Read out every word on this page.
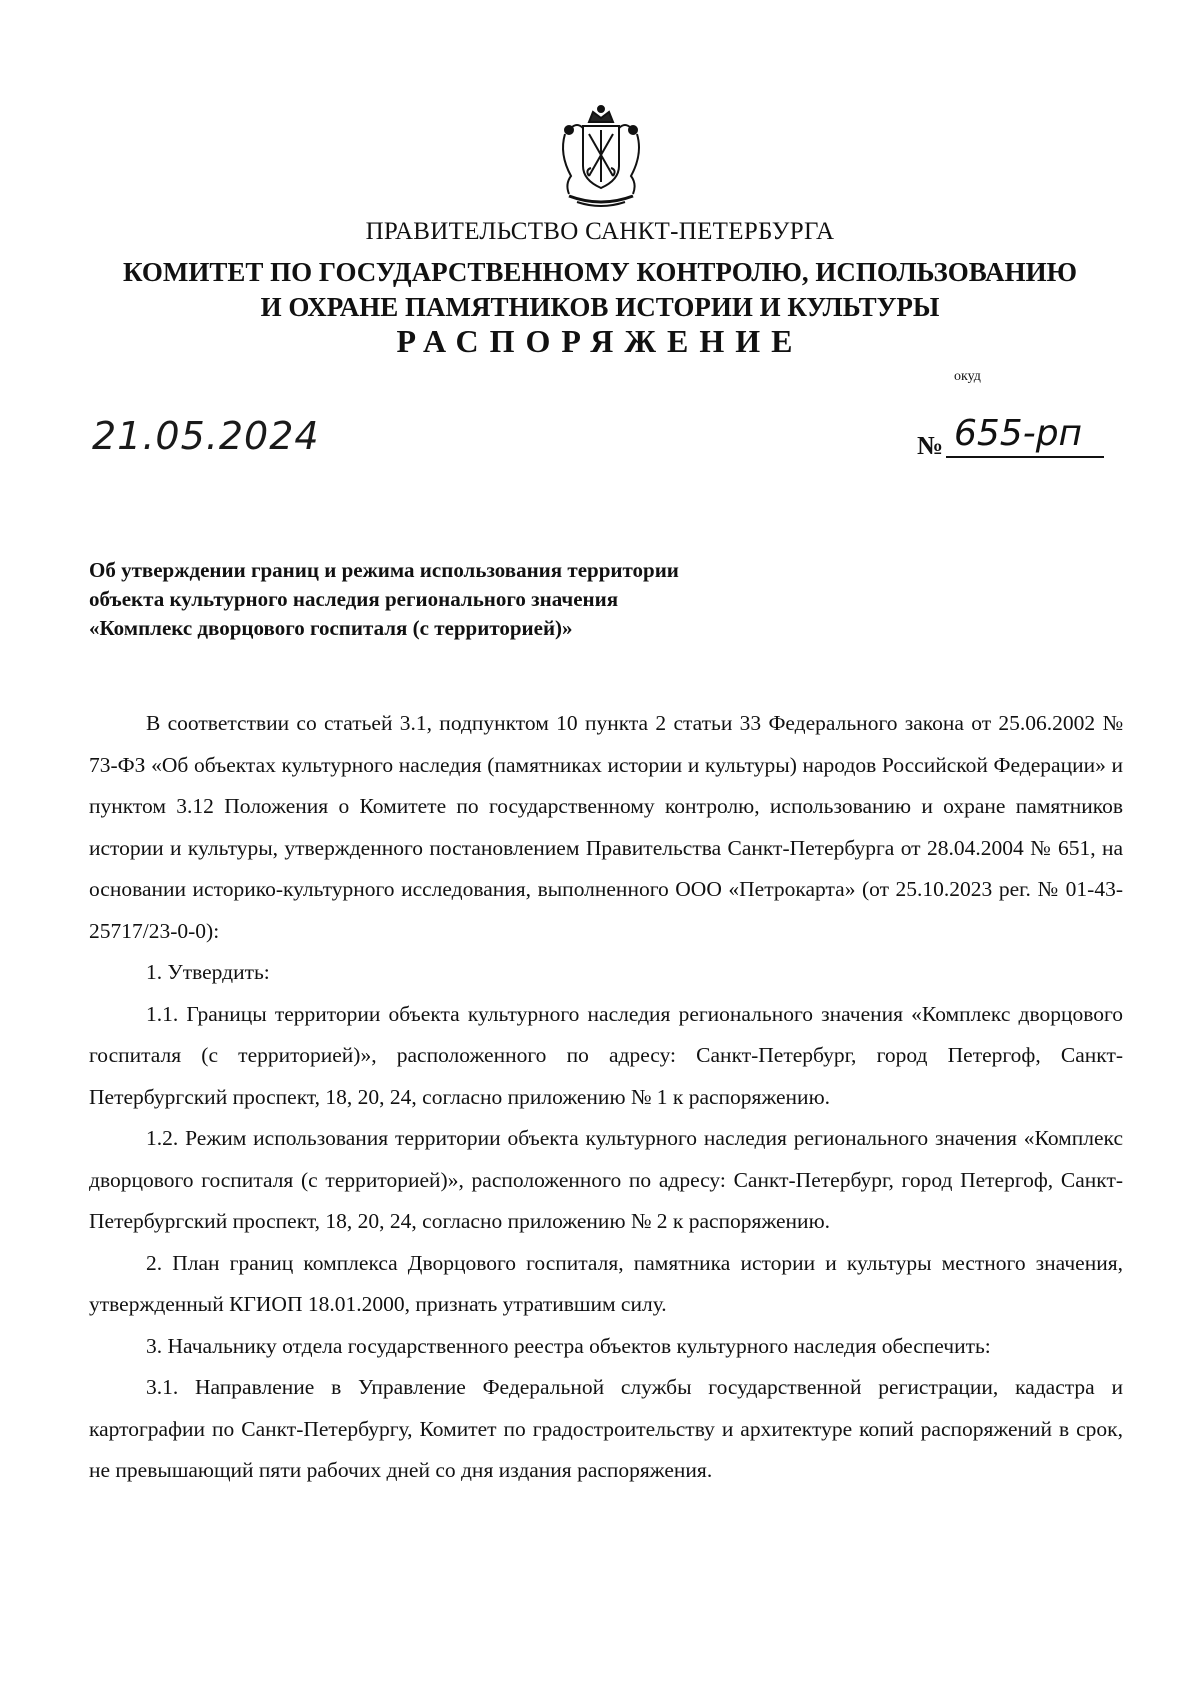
ПРАВИТЕЛЬСТВО САНКТ-ПЕТЕРБУРГА
КОМИТЕТ ПО ГОСУДАРСТВЕННОМУ КОНТРОЛЮ, ИСПОЛЬЗОВАНИЮ
И ОХРАНЕ ПАМЯТНИКОВ ИСТОРИИ И КУЛЬТУРЫ
РАСПОРЯЖЕНИЕ
окуд
21.05.2024	№ 655-рп
Об утверждении границ и режима использования территории
объекта культурного наследия регионального значения
«Комплекс дворцового госпиталя (с территорией)»

В соответствии со статьей 3.1, подпунктом 10 пункта 2 статьи 33 Федерального закона от 25.06.2002 № 73-ФЗ «Об объектах культурного наследия (памятниках истории и культуры) народов Российской Федерации» и пунктом 3.12 Положения о Комитете по государственному контролю, использованию и охране памятников истории и культуры, утвержденного постановлением Правительства Санкт-Петербурга от 28.04.2004 № 651, на основании историко-культурного исследования, выполненного ООО «Петрокарта» (от 25.10.2023 рег. № 01-43-25717/23-0-0):

1. Утвердить:

1.1. Границы территории объекта культурного наследия регионального значения «Комплекс дворцового госпиталя (с территорией)», расположенного по адресу: Санкт-Петербург, город Петергоф, Санкт-Петербургский проспект, 18, 20, 24, согласно приложению № 1 к распоряжению.

1.2. Режим использования территории объекта культурного наследия регионального значения «Комплекс дворцового госпиталя (с территорией)», расположенного по адресу: Санкт-Петербург, город Петергоф, Санкт-Петербургский проспект, 18, 20, 24, согласно приложению № 2 к распоряжению.

2. План границ комплекса Дворцового госпиталя, памятника истории и культуры местного значения, утвержденный КГИОП 18.01.2000, признать утратившим силу.

3. Начальнику отдела государственного реестра объектов культурного наследия обеспечить:

3.1. Направление в Управление Федеральной службы государственной регистрации, кадастра и картографии по Санкт-Петербургу, Комитет по градостроительству и архитектуре копий распоряжений в срок, не превышающий пяти рабочих дней со дня издания распоряжения.
